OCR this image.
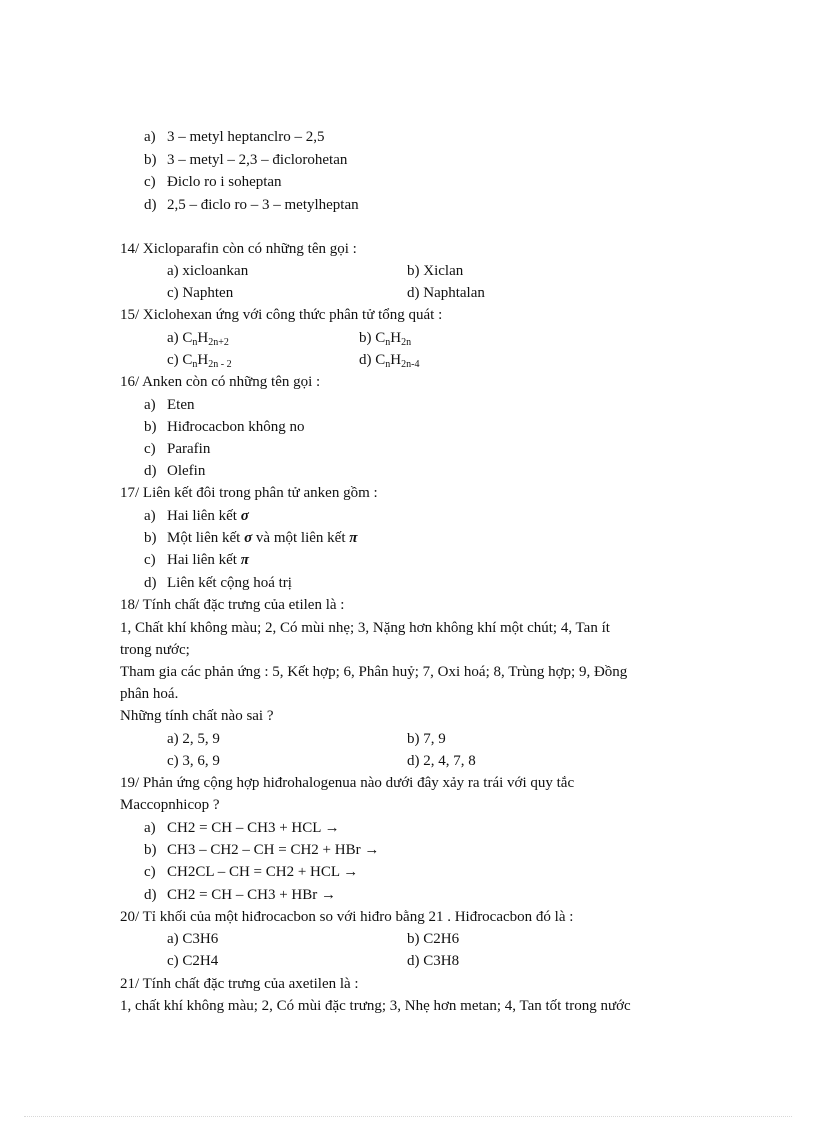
a) 3 – metyl heptanclro – 2,5
b) 3 – metyl – 2,3 – điclorohetan
c) Điclo ro i soheptan
d) 2,5 – điclo ro – 3 – metylheptan
14/ Xicloparafin còn có những tên gọi :
a) xicloankan	b) Xiclan
c) Naphten	d) Naphtalan
15/ Xiclohexan ứng với công thức phân tử tổng quát :
a) $C_nH_{2n+2}$	b) $C_nH_{2n}$
c) $C_nH_{2n - 2}$	d) $C_nH_{2n-4}$
16/ Anken còn có những tên gọi :
a) Eten
b) Hiđrocacbon không no
c) Parafin
d) Olefin
17/ Liên kết đôi trong phân tử anken gồm :
a) Hai liên kết σ
b) Một liên kết σ và một liên kết π
c) Hai liên kết π
d) Liên kết cộng hoá trị
18/ Tính chất đặc trưng của etilen là :
1, Chất khí không màu; 2, Có mùi nhẹ; 3, Nặng hơn không khí một chút; 4, Tan ít
trong nước;
Tham gia các phản ứng : 5, Kết hợp; 6, Phân huỷ; 7, Oxi hoá; 8, Trùng hợp; 9, Đồng
phân hoá.
Những tính chất nào sai ?
a) 2, 5, 9	b) 7, 9
c) 3, 6, 9	d) 2, 4, 7, 8
19/ Phản ứng cộng hợp hiđrohalogenua nào dưới đây xảy ra trái với quy tắc
Maccopnhicop ?
a) CH2 = CH – CH3 + HCL →
b) CH3 – CH2 – CH = CH2 + HBr →
c) CH2CL – CH = CH2 + HCL →
d) CH2 = CH – CH3 + HBr →
20/ Tỉ khối của một hiđrocacbon so với hiđro bằng 21 . Hiđrocacbon đó là :
a) C3H6	b) C2H6
c) C2H4	d) C3H8
21/ Tính chất đặc trưng của axetilen là :
1, chất khí không màu; 2, Có mùi đặc trưng; 3, Nhẹ hơn metan; 4, Tan tốt trong nước
